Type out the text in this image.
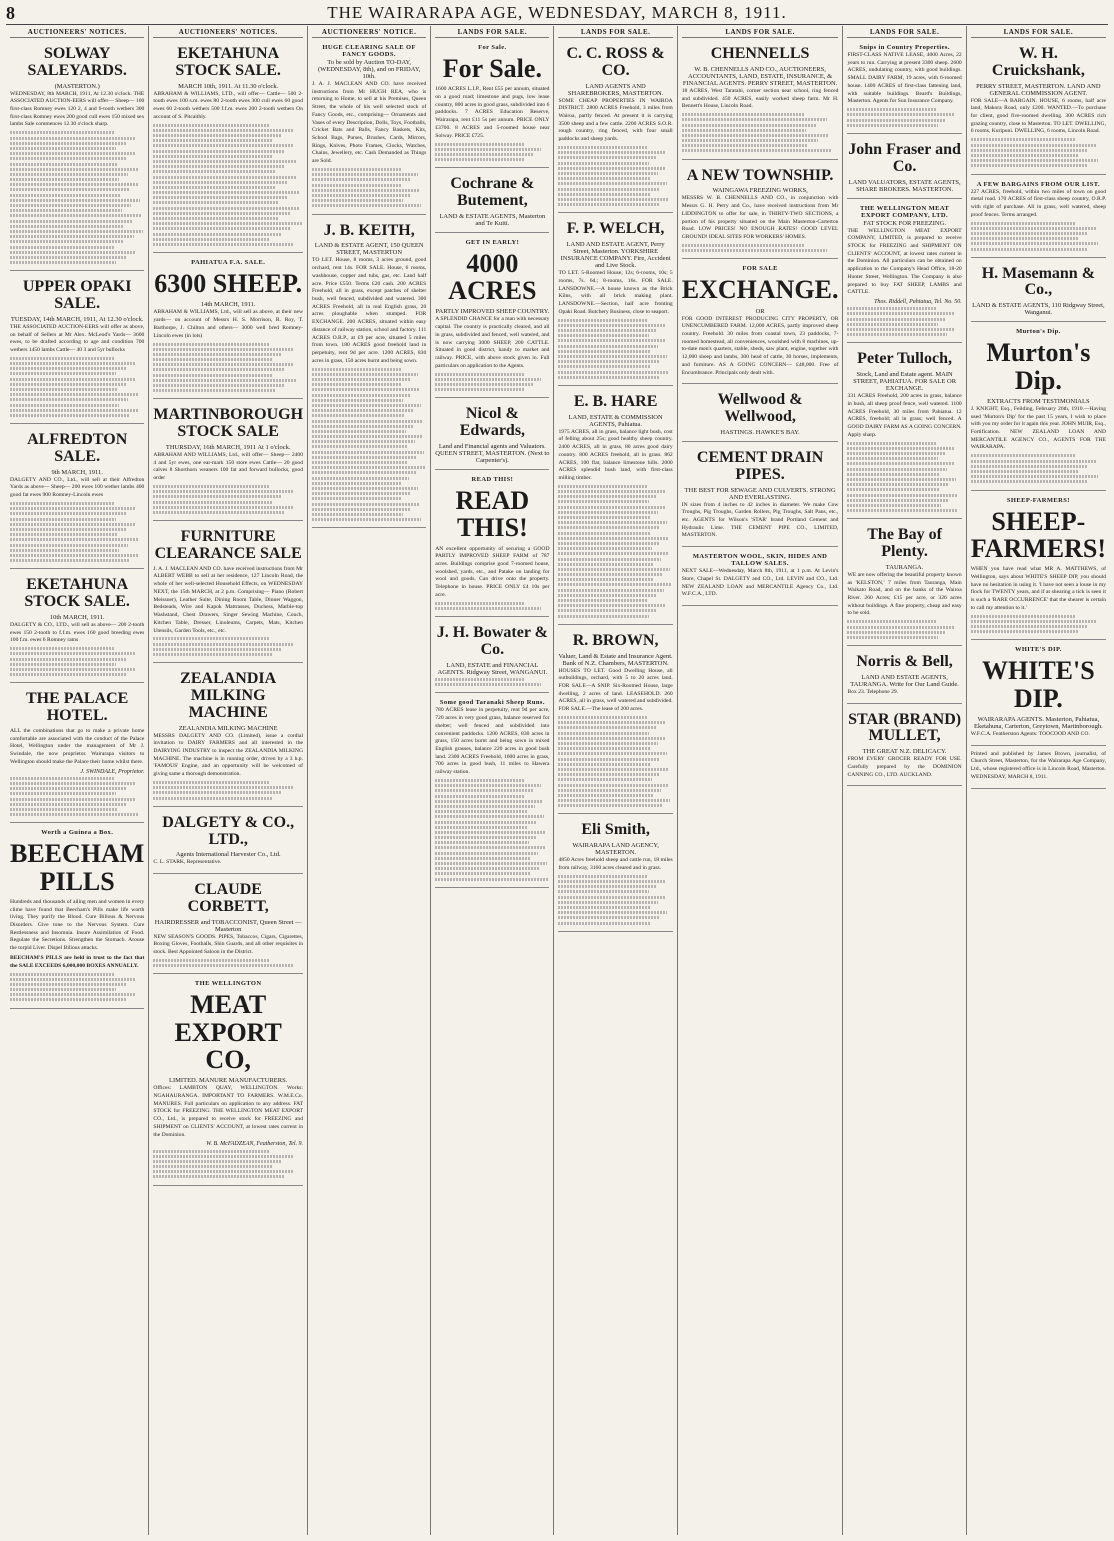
8	THE WAIRARAPA AGE, WEDNESDAY, MARCH 8, 1911.
AUCTIONEERS' NOTICES.
SOLWAY SALEYARDS.
(MASTERTON.)
WEDNESDAY, 8th MARCH, 1911, At 12.30 o'clock. THE ASSOCIATED AUCTION-EERS will offer— Sheep— 100 first-class Romney ewes 120 2, 4 and 6-tooth wethers 300 first-class Romney ewes 200 good cull ewes 150 mixed sex lambs Sale commences 12.30 o'clock sharp.
UPPER OPAKI SALE.
TUESDAY, 14th MARCH, 1911, At 12.30 o'clock.
THE ASSOCIATED AUCTION-EERS will offer as above, on behalf of Sellers at Mr Alex. McLeod's Yards— 3600 ewes, to be drafted according to age and condition 700 wethers 1450 lambs Cattle— 40 3 and 5yr bullocks
ALFREDTON SALE.
9th MARCH, 1911.
DALGETY AND CO., Ltd., will sell at their Alfredton Yards as above— Sheep— 200 ewes 100 wether lambs 400 good fat ewes 900 Romney-Lincoln ewes
EKETAHUNA STOCK SALE.
10th MARCH, 1911.
DALGETY & CO., LTD., will sell as above— 200 2-tooth ewes 150 2-tooth to f.f.m. ewes 160 good breeding ewes 100 f.m. ewes 6 Romney rams
THE PALACE HOTEL.
ALL the combinations that go to make a private home comfortable are associated with the conduct of the Palace Hotel, Wellington under the management of Mr J. Swindale, the now proprietor. Wairarapa visitors to Wellington should make the Palace their home whilst there.
J. SWINDALE, Proprietor.
Worth a Guinea a Box.
BEECHAM PILLS
Hundreds and thousands of ailing men and women in every clime have found that Beecham's Pills make life worth living. They purify the Blood. Cure Bilious & Nervous Disorders. Give tone to the Nervous System. Cure Restlessness and Insomnia. Insure Assimilation of Food. Regulate the Secretions. Strengthen the Stomach. Arouse the torpid Liver. Dispel Bilious attacks.
BEECHAM'S PILLS are held in trust to the fact that the SALE EXCEEDS 6,000,000 BOXES ANNUALLY.
AUCTIONEERS' NOTICES.
EKETAHUNA STOCK SALE.
MARCH 10th, 1911. At 11.30 o'clock.
ABRAHAM & WILLIAMS, LTD., will offer— Cattle— 500 2-tooth ewes 100 s.m. ewes 80 2-tooth ewes 300 cull ewes 60 good ewes 60 2-tooth wethers 500 f.f.m. ewes 200 2-tooth wethers On account of S. Pitcaithly.
PAHIATUA F.A. SALE.
6300 SHEEP.
14th MARCH, 1911.
ABRAHAM & WILLIAMS, Ltd., will sell as above, at their new yards— on account of Messrs H. S. Morrison, R. Roy, T. Barthorpe, J. Chilton and others— 3000 well bred Romney-Lincoln ewes (in lots)
MARTINBOROUGH STOCK SALE
THURSDAY, 16th MARCH, 1911 At 1 o'clock.
ABRAHAM AND WILLIAMS, Ltd., will offer— Sheep— 2400 4 and 5yr ewes, one ear-mark 150 store ewes Cattle— 20 good calves 8 Shorthorn weaners 100 fat and forward bullocks, good order
FURNITURE CLEARANCE SALE
J. A. J. MACLEAN AND CO. have received instructions from Mr ALBERT WEBB to sell at her residence, 127 Lincoln Road, the whole of her well-selected Household Effects, on WEDNESDAY NEXT, the 15th MARCH, at 2 p.m. Comprising— Piano (Robert Meissner), Leather Suite, Dining Room Table, Dinner Waggon, Bedsteads, Wire and Kapok Mattrasses, Duchess, Marble-top Washstand, Chest Drawers, Singer Sewing Machine, Couch, Kitchen Table, Dresser, Linoleums, Carpets, Mats, Kitchen Utensils, Garden Tools, etc., etc.
ZEALANDIA MILKING MACHINE
ZEALANDIA MILKING MACHINE
MESSRS DALGETY AND CO. (Limited), issue a cordial invitation to DAIRY FARMERS and all interested in the DAIRYING INDUSTRY to inspect the ZEALANDIA MILKING MACHINE. The machine is in running order, driven by a 3 h.p. 'FAMOUS' Engine, and an opportunity will be welcomed of giving same a thorough demonstration.
DALGETY & CO., LTD.,
Agents International Harvester Co., Ltd.
C. L. STARK, Representative.
CLAUDE CORBETT,
HAIRDRESSER and TOBACCONIST, Queen Street — Masterton
NEW SEASON'S GOODS. PIPES, Tobaccos, Cigars, Cigarettes, Boxing Gloves, Footballs, Shin Guards, and all other requisites in stock. Best Appointed Saloon in the District.
THE WELLINGTON
MEAT EXPORT CO,
LIMITED. MANURE MANUFACTURERS.
Offices: LAMBTON QUAY, WELLINGTON. Works: NGAHAURANGA. IMPORTANT TO FARMERS. W.M.E.Co. MANURES. Full particulars on application to any address. FAT STOCK for FREEZING. THE WELLINGTON MEAT EXPORT CO., Ltd., is prepared to receive stock for FREEZING and SHIPMENT on CLIENTS' ACCOUNT, at lowest rates current in the Dominion.
W. B. McFADZEAN, Featherston, Tel. 9.
AUCTIONEERS' NOTICE.
HUGE CLEARING SALE OF FANCY GOODS.
To be sold by Auction TO-DAY, (WEDNESDAY, 8th), and on FRIDAY, 10th.
J. A. J. MACLEAN AND CO. have received instructions from Mr HUGH REA, who is returning to Home, to sell at his Premises, Queen Street, the whole of his well selected stock of Fancy Goods, etc., comprising— Ornaments and Vases of every Description, Dolls, Toys, Footballs, Cricket Bats and Balls, Fancy Baskets, Kits, School Bags, Purses, Brushes, Cards, Mirrors, Rings, Knives, Photo Frames, Clocks, Watches, Chains, Jewellery, etc. Cash Demanded as Things are Sold.
J. B. KEITH,
LAND & ESTATE AGENT, 150 QUEEN STREET, MASTERTON
TO LET. House, 8 rooms, 3 acres ground, good orchard, rent 14s. FOR SALE. House, 6 rooms, washhouse, copper and tubs, gas, etc. Land half acre. Price £550. Terms £20 cash. 200 ACRES Freehold, all in grass, except patches of shelter bush, well fenced, subdivided and watered. 300 ACRES Freehold, all in real English grass, 20 acres ploughable when stumped. FOR EXCHANGE. 200 ACRES, situated within easy distance of railway station, school and factory. 111 ACRES O.R.P., at £9 per acre, situated 5 miles from town. 180 ACRES good freehold land in perpetuity, rent 9d per acre. 1200 ACRES, 830 acres in grass, 150 acres burnt and being sown.
LANDS FOR SALE.
For Sale.
For Sale.
1600 ACRES L.I.P., Rent £55 per annum, situated on a good road; limestone and pugs, low lease country, 800 acres in good grass, subdivided into 6 paddocks. 7 ACRES Education Reserve, Wairarapa, rent £11 5s per annum. PRICE ONLY £3700. 8 ACRES and 5-roomed house near Solway. PRICE £725.
Cochrane & Butement,
LAND & ESTATE AGENTS, Masterton and Te Kuiti.
GET IN EARLY!
4000 ACRES
PARTLY IMPROVED SHEEP COUNTRY.
A SPLENDID CHANCE for a man with necessary capital. The country is practically cleared, and all in grass, subdivided and fenced, well watered, and is now carrying 3000 SHEEP, 200 CATTLE. Situated in good district, handy to market and railway. PRICE, with above stock given in. Full particulars on application to the Agents.
Nicol & Edwards,
Land and Financial agents and Valuators. QUEEN STREET, MASTERTON. (Next to Carpenter's).
READ THIS!
READ THIS!
AN excellent opportunity of securing a GOOD PARTLY IMPROVED SHEEP FARM of 787 acres. Buildings comprise good 7-roomed house, woolshed, yards, etc., and Patake on landing for wool and goods. Can drive onto the property. Telephone in house. PRICE ONLY £4 10s per acre.
J. H. Bowater & Co.
LAND, ESTATE and FINANCIAL AGENTS. Ridgway Street, WANGANUI.
Some good Taranaki Sheep Runs.
780 ACRES lease in perpetuity, rent 9d per acre, 720 acres in very good grass, balance reserved for shelter; well fenced and subdivided into convenient paddocks. 1200 ACRES, 830 acres in grass, 150 acres burnt and being sown in mixed English grasses, balance 220 acres in good bush land. 2300 ACRES Freehold, 1600 acres in grass, 700 acres in good bush, 11 miles to Hawera railway station.
LANDS FOR SALE.
C. C. ROSS & CO.
LAND AGENTS AND SHAREBROKERS, MASTERTON.
SOME CHEAP PROPERTIES IN WAIROA DISTRICT. 2800 ACRES Freehold, 3 miles from Wairoa, partly fenced. At present it is carrying 3500 sheep and a few cattle. 2200 ACRES S.O.R. rough country, ring fenced, with four small paddocks and sheep yards.
F. P. WELCH,
LAND AND ESTATE AGENT, Perry Street, Masterton. YORKSHIRE INSURANCE COMPANY. Fire, Accident and Live Stock.
TO LET. 5-Roomed House, 12s; 6-rooms, 10s; 5 rooms, 7s. 6d.; 8-rooms, 16s. FOR SALE. LANSDOWNE.—A house known as the Brick Kilns, with all brick making plant. LANSDOWNE.—Section, half acre fronting Opaki Road. Butchery Business, close to seaport.
E. B. HARE
LAND, ESTATE & COMMISSION AGENTS, Pahiatua.
1975 ACRES, all in grass, balance light bush, cost of felling about 25s; good healthy sheep country. 2400 ACRES, all in grass, 80 acres good dairy country. 800 ACRES freehold, all in grass. 862 ACRES, 100 flat, balance limestone hills. 2000 ACRES splendid bush land, with first-class milling timber.
R. BROWN,
Valuer, Land & Estate and Insurance Agent. Bank of N.Z. Chambers, MASTERTON.
HOUSES TO LET. Good Dwelling House, all outbuildings, orchard, with 5 to 20 acres land. FOR SALE—A SNIP. Six-Roomed House, large dwelling, 2 acres of land. LEASEHOLD. 260 ACRES, all in grass, well watered and subdivided. FOR SALE.—The lease of 200 acres.
Eli Smith,
WAIRARAPA LAND AGENCY, MASTERTON.
4850 Acres freehold sheep and cattle run, 18 miles from railway, 3160 acres cleared and in grass.
LANDS FOR SALE.
CHENNELLS
W. B. CHENNELLS AND CO., AUCTIONEERS, ACCOUNTANTS, LAND, ESTATE, INSURANCE, & FINANCIAL AGENTS. PERRY STREET, MASTERTON.
18 ACRES, West Taratahi, corner section near school, ring fenced and subdivided. 450 ACRES, easily worked sheep farm. Mr H. Bennett's House, Lincoln Road.
A NEW TOWNSHIP.
WAINGAWA FREEZING WORKS,
MESSRS W. B. CHENNELLS AND CO., in conjunction with Messrs G. H. Perry and Co., have received instructions from Mr LIDDINGTON to offer for sale, in THIRTY-TWO SECTIONS, a portion of his property situated on the Main Masterton-Carterton Road. LOW PRICES! NO ENOUGH RATES! GOOD LEVEL GROUND! IDEAL SITES FOR WORKERS' HOMES.
FOR SALE
EXCHANGE.
OR
FOR GOOD INTEREST PRODUCING CITY PROPERTY, OR UNENCUMBERED FARM. 12,000 ACRES, partly improved sheep country. Freehold. 30 miles from coastal town, 23 paddocks, 7-roomed homestead, all conveniences, woolshed with 8 machines, up-to-date men's quarters, stable, sheds, saw plant, engine, together with 12,000 sheep and lambs, 300 head of cattle, 30 horses, implements, and furniture. AS A GOING CONCERN— £48,000. Free of Encumbrance. Principals only dealt with.
Wellwood & Wellwood,
HASTINGS. HAWKE'S BAY.
CEMENT DRAIN PIPES.
THE BEST FOR SEWAGE AND CULVERTS. STRONG AND EVERLASTING.
IN sizes from 4 inches to 42 inches in diameter. We make Cow Troughs, Pig Troughs, Garden Rollers, Pig Troughs, Salt Pans, etc., etc. AGENTS for Wilson's 'STAR' brand Portland Cement and Hydraulic Lime. THE CEMENT PIPE CO., LIMITED, MASTERTON.
MASTERTON WOOL, SKIN, HIDES AND TALLOW SALES.
NEXT SALE—Wednesday, March 8th, 1911, at 1 p.m. At Levin's Store, Chapel St. DALGETY and CO., Ltd. LEVIN and CO., Ltd. NEW ZEALAND LOAN and MERCANTILE Agency Co., Ltd. W.F.C.A., LTD.
LANDS FOR SALE.
Snips in Country Properties.
FIRST-CLASS NATIVE LEASE, 4000 Acres, 22 years to run. Carrying at present 3300 sheep. 2600 ACRES, undulating country, with good buildings. SMALL DAIRY FARM, 19 acres, with 6-roomed house. 1400 ACRES of first-class fattening land, with suitable buildings. Beard's Buildings, Masterton. Agents for Sun Insurance Company.
John Fraser and Co.
LAND VALUATORS, ESTATE AGENTS, SHARE BROKERS. MASTERTON.
THE WELLINGTON MEAT EXPORT COMPANY, LTD.
FAT STOCK FOR FREEZING.
THE WELLINGTON MEAT EXPORT COMPANY, LIMITED, is prepared to receive STOCK for FREEZING and SHIPMENT ON CLIENTS' ACCOUNT, at lowest rates current in the Dominion. All particulars can be obtained on application to the Company's Head Office, 18-20 Hunter Street, Wellington. The Company is also prepared to buy FAT SHEEP, LAMBS and CATTLE.
Thos. Riddell, Pahiatua, Tel. No. 50.
Peter Tulloch,
Stock, Land and Estate agent. MAIN STREET, PAHIATUA. FOR SALE OR EXCHANGE.
331 ACRES Freehold, 200 acres in grass, balance in bush, all sheep proof fence, well watered. 1100 ACRES Freehold, 30 miles from Pahiatua. 12 ACRES, freehold; all in grass; well fenced. A GOOD DAIRY FARM AS A GOING CONCERN. Apply sharp.
The Bay of Plenty.
TAURANGA.
WE are now offering the beautiful property known as 'KELSTON,' 7 miles from Tauranga, Main Waikato Road, and on the banks of the Wairoa River. 260 Acres; £15 per acre, or 326 acres without buildings. A fine property, cheap and easy to be sold.
Norris & Bell,
LAND AND ESTATE AGENTS, TAURANGA. Write for Our Land Guide.
Box 23. Telephone 29.
STAR (BRAND) MULLET,
THE GREAT N.Z. DELICACY.
FROM EVERY GROCER READY FOR USE. Carefully prepared by the DOMINION CANNING CO., LTD. AUCKLAND.
LANDS FOR SALE.
W. H. Cruickshank,
PERRY STREET, MASTERTON. LAND AND GENERAL COMMISSION AGENT.
FOR SALE—A BARGAIN. HOUSE, 6 rooms, half acre land, Makora Road, only £200. WANTED.—To purchase for client, good five-roomed dwelling. 300 ACRES rich grazing country, close to Masterton. TO LET. DWELLING, 6 rooms, Kuripuni. DWELLING, 6 rooms, Lincoln Road.
A FEW BARGAINS FROM OUR LIST.
227 ACRES, freehold, within two miles of town on good metal road. 170 ACRES of first-class sheep country, O.R.P. with right of purchase. All in grass, well watered, sheep proof fences. Terms arranged.
H. Masemann & Co.,
LAND & ESTATE AGENTS, 110 Ridgway Street, Wanganui.
Murton's Dip.
Murton's Dip.
EXTRACTS FROM TESTIMONIALS
J. KNIGHT, Esq., Feilding, February 26th, 1910.—Having used 'Murton's Dip' for the past 15 years, I wish to place with you my order for it again this year. JOHN MUIR, Esq., Fortification. NEW ZEALAND LOAN AND MERCANTILE AGENCY CO., AGENTS FOR THE WAIRARAPA.
SHEEP-FARMERS!
SHEEP-FARMERS!
WHEN you have read what MR A. MATTHEWS, of Wellington, says about WHITE'S SHEEP DIP, you should have no hesitation in using it. 'I have not seen a louse in my flock for TWENTY years, and if at shearing a tick is seen it is such a 'RARE OCCURRENCE' that the shearer is certain to call my attention to it.'
WHITE'S DIP.
WHITE'S DIP.
WAIRARAPA AGENTS. Masterton, Pahiatua, Eketahuna, Carterton, Greytown, Martinborough.
W.F.C.A. Featherston Agents: TOOCOOD AND CO.
Printed and published by James Brown, journalist, of Church Street, Masterton, for the Wairarapa Age Company, Ltd., whose registered office is in Lincoln Road, Masterton. WEDNESDAY, MARCH 8, 1911.
